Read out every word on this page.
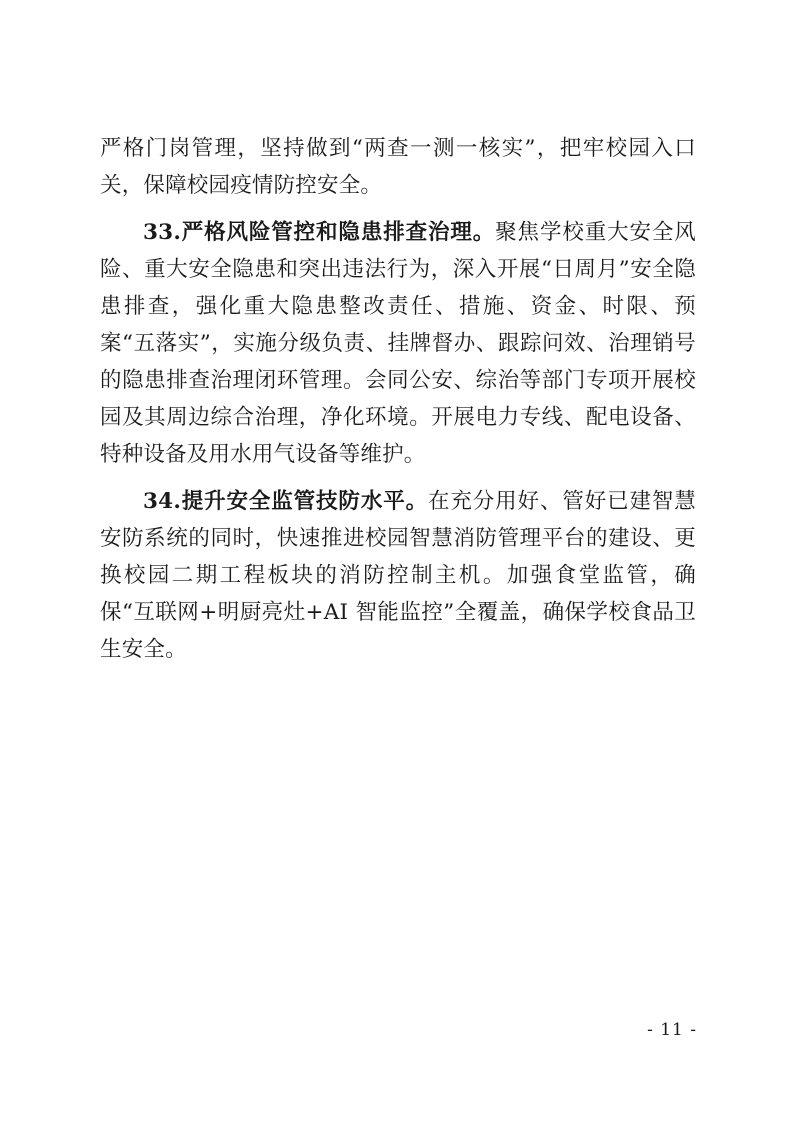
严格门岗管理，坚持做到“两查一测一核实”，把牢校园入口关，保障校园疫情防控安全。

33.严格风险管控和隐患排查治理。聚焦学校重大安全风险、重大安全隐患和突出违法行为，深入开展“日周月”安全隐患排查，强化重大隐患整改责任、措施、资金、时限、预案“五落实”，实施分级负责、挂牌督办、跟踪问效、治理销号的隐患排查治理闭环管理。会同公安、综治等部门专项开展校园及其周边综合治理，净化环境。开展电力专线、配电设备、特种设备及用水用气设备等维护。

34.提升安全监管技防水平。在充分用好、管好已建智慧安防系统的同时，快速推进校园智慧消防管理平台的建设、更换校园二期工程板块的消防控制主机。加强食堂监管，确保“互联网+明厨亮灶+AI 智能监控”全覆盖，确保学校食品卫生安全。

- 11 -
